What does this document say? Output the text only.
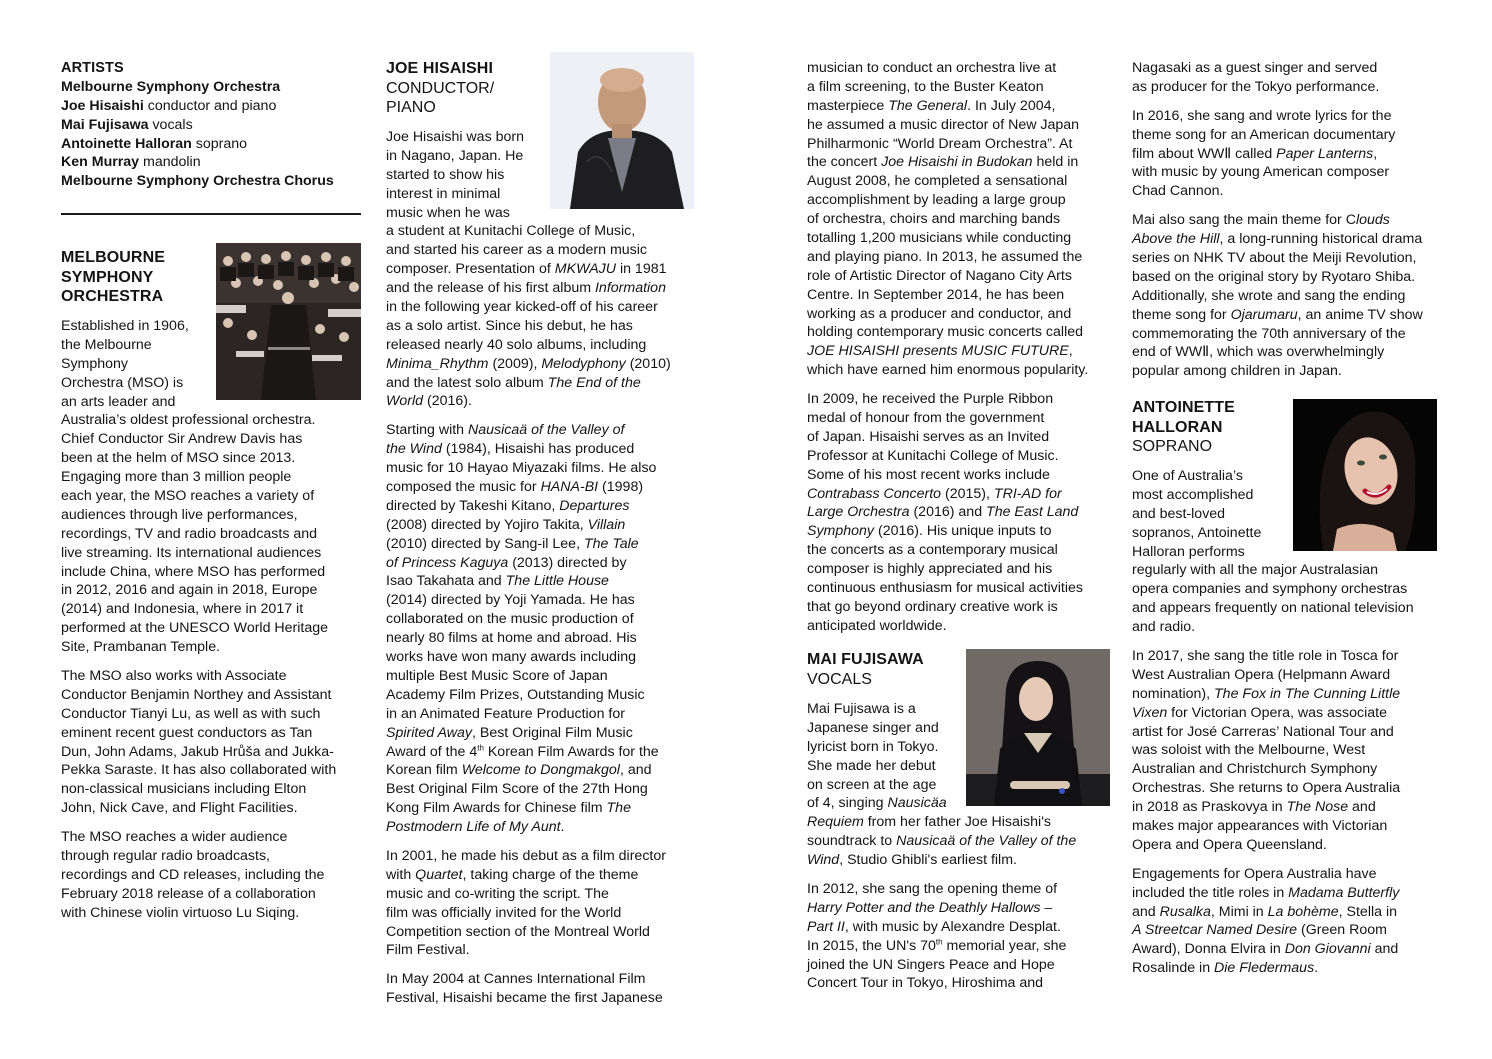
ARTISTS
Melbourne Symphony Orchestra
Joe Hisaishi conductor and piano
Mai Fujisawa vocals
Antoinette Halloran soprano
Ken Murray mandolin
Melbourne Symphony Orchestra Chorus
MELBOURNE
SYMPHONY
ORCHESTRA
Established in 1906,
the Melbourne
Symphony
Orchestra (MSO) is
an arts leader and
Australia’s oldest professional orchestra.
Chief Conductor Sir Andrew Davis has
been at the helm of MSO since 2013.
Engaging more than 3 million people
each year, the MSO reaches a variety of
audiences through live performances,
recordings, TV and radio broadcasts and
live streaming. Its international audiences
include China, where MSO has performed
in 2012, 2016 and again in 2018, Europe
(2014) and Indonesia, where in 2017 it
performed at the UNESCO World Heritage
Site, Prambanan Temple.
The MSO also works with Associate
Conductor Benjamin Northey and Assistant
Conductor Tianyi Lu, as well as with such
eminent recent guest conductors as Tan
Dun, John Adams, Jakub Hrůša and Jukka-
Pekka Saraste. It has also collaborated with
non-classical musicians including Elton
John, Nick Cave, and Flight Facilities.
The MSO reaches a wider audience
through regular radio broadcasts,
recordings and CD releases, including the
February 2018 release of a collaboration
with Chinese violin virtuoso Lu Siqing.
JOE HISAISHI
CONDUCTOR/
PIANO
Joe Hisaishi was born
in Nagano, Japan. He
started to show his
interest in minimal
music when he was
a student at Kunitachi College of Music,
and started his career as a modern music
composer. Presentation of MKWAJU in 1981
and the release of his first album Information
in the following year kicked-off of his career
as a solo artist. Since his debut, he has
released nearly 40 solo albums, including
Minima_Rhythm (2009), Melodyphony (2010)
and the latest solo album The End of the
World (2016).
Starting with Nausicaä of the Valley of
the Wind (1984), Hisaishi has produced
music for 10 Hayao Miyazaki films. He also
composed the music for HANA-BI (1998)
directed by Takeshi Kitano, Departures
(2008) directed by Yojiro Takita, Villain
(2010) directed by Sang-il Lee, The Tale
of Princess Kaguya (2013) directed by
Isao Takahata and The Little House
(2014) directed by Yoji Yamada. He has
collaborated on the music production of
nearly 80 films at home and abroad. His
works have won many awards including
multiple Best Music Score of Japan
Academy Film Prizes, Outstanding Music
in an Animated Feature Production for
Spirited Away, Best Original Film Music
Award of the 4th Korean Film Awards for the
Korean film Welcome to Dongmakgol, and
Best Original Film Score of the 27th Hong
Kong Film Awards for Chinese film The
Postmodern Life of My Aunt.
In 2001, he made his debut as a film director
with Quartet, taking charge of the theme
music and co-writing the script. The
film was officially invited for the World
Competition section of the Montreal World
Film Festival.
In May 2004 at Cannes International Film
Festival, Hisaishi became the first Japanese
musician to conduct an orchestra live at
a film screening, to the Buster Keaton
masterpiece The General. In July 2004,
he assumed a music director of New Japan
Philharmonic “World Dream Orchestra”. At
the concert Joe Hisaishi in Budokan held in
August 2008, he completed a sensational
accomplishment by leading a large group
of orchestra, choirs and marching bands
totalling 1,200 musicians while conducting
and playing piano. In 2013, he assumed the
role of Artistic Director of Nagano City Arts
Centre. In September 2014, he has been
working as a producer and conductor, and
holding contemporary music concerts called
JOE HISAISHI presents MUSIC FUTURE,
which have earned him enormous popularity.
In 2009, he received the Purple Ribbon
medal of honour from the government
of Japan. Hisaishi serves as an Invited
Professor at Kunitachi College of Music.
Some of his most recent works include
Contrabass Concerto (2015), TRI-AD for
Large Orchestra (2016) and The East Land
Symphony (2016). His unique inputs to
the concerts as a contemporary musical
composer is highly appreciated and his
continuous enthusiasm for musical activities
that go beyond ordinary creative work is
anticipated worldwide.
MAI FUJISAWA
VOCALS
Mai Fujisawa is a
Japanese singer and
lyricist born in Tokyo.
She made her debut
on screen at the age
of 4, singing Nausicäa
Requiem from her father Joe Hisaishi's
soundtrack to Nausicaä of the Valley of the
Wind, Studio Ghibli's earliest film.
In 2012, she sang the opening theme of
Harry Potter and the Deathly Hallows –
Part II, with music by Alexandre Desplat.
In 2015, the UN's 70th memorial year, she
joined the UN Singers Peace and Hope
Concert Tour in Tokyo, Hiroshima and
Nagasaki as a guest singer and served
as producer for the Tokyo performance.
In 2016, she sang and wrote lyrics for the
theme song for an American documentary
film about WWⅡ called Paper Lanterns,
with music by young American composer
Chad Cannon.
Mai also sang the main theme for Clouds
Above the Hill, a long-running historical drama
series on NHK TV about the Meiji Revolution,
based on the original story by Ryotaro Shiba.
Additionally, she wrote and sang the ending
theme song for Ojarumaru, an anime TV show
commemorating the 70th anniversary of the
end of WWⅡ, which was overwhelmingly
popular among children in Japan.
ANTOINETTE
HALLORAN
SOPRANO
One of Australia’s
most accomplished
and best-loved
sopranos, Antoinette
Halloran performs
regularly with all the major Australasian
opera companies and symphony orchestras
and appears frequently on national television
and radio.
In 2017, she sang the title role in Tosca for
West Australian Opera (Helpmann Award
nomination), The Fox in The Cunning Little
Vixen for Victorian Opera, was associate
artist for José Carreras’ National Tour and
was soloist with the Melbourne, West
Australian and Christchurch Symphony
Orchestras. She returns to Opera Australia
in 2018 as Praskovya in The Nose and
makes major appearances with Victorian
Opera and Opera Queensland.
Engagements for Opera Australia have
included the title roles in Madama Butterfly
and Rusalka, Mimi in La bohème, Stella in
A Streetcar Named Desire (Green Room
Award), Donna Elvira in Don Giovanni and
Rosalinde in Die Fledermaus.
